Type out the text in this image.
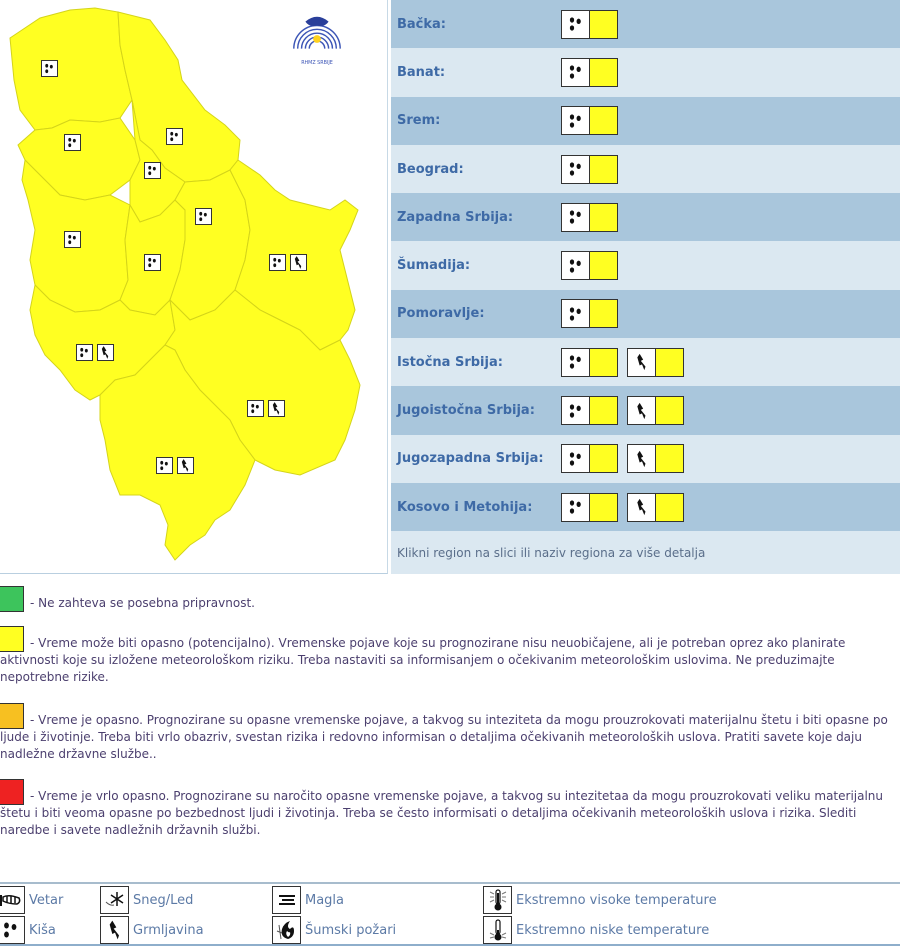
RHMZ SRBIJE
Bačka:
Banat:
Srem:
Beograd:
Zapadna Srbija:
Šumadija:
Pomoravlje:
Istočna Srbija:
Jugoistočna Srbija:
Jugozapadna Srbija:
Kosovo i Metohija:
Klikni region na slici ili naziv regiona za više detalja
- Ne zahteva se posebna pripravnost.
- Vreme može biti opasno (potencijalno). Vremenske pojave koje su prognozirane nisu neuobičajene, ali je potreban oprez ako planirate aktivnosti koje su izložene meteorološkom riziku. Treba nastaviti sa informisanjem o očekivanim meteorološkim uslovima. Ne preduzimajte nepotrebne rizike.
- Vreme je opasno. Prognozirane su opasne vremenske pojave, a takvog su inteziteta da mogu prouzrokovati materijalnu štetu i biti opasne po ljude i životinje. Treba biti vrlo obazriv, svestan rizika i redovno informisan o detaljima očekivanih meteoroloških uslova. Pratiti savete koje daju nadležne državne službe..
- Vreme je vrlo opasno. Prognozirane su naročito opasne vremenske pojave, a takvog su intezitetaa da mogu prouzrokovati veliku materijalnu štetu i biti veoma opasne po bezbednost ljudi i životinja. Treba se često informisati o detaljima očekivanih meteoroloških uslova i rizika. Slediti naredbe i savete nadležnih državnih službi.
Vetar	Sneg/Led	Magla	Ekstremno visoke temperature
Kiša	Grmljavina	Šumski požari	Ekstremno niske temperature
